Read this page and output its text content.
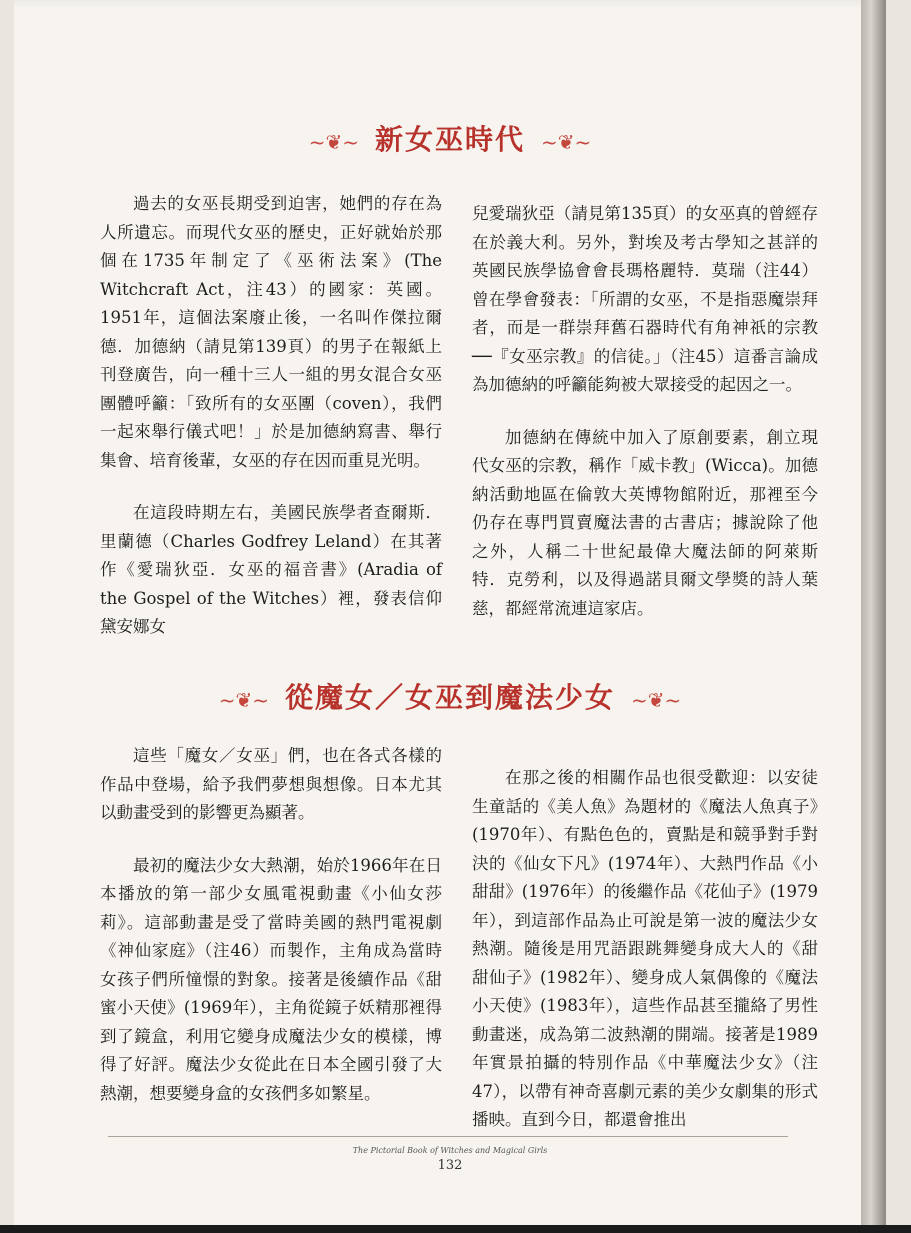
~❦~ 新女巫時代 ~❦~

過去的女巫長期受到迫害，她們的存在為人所遺忘。而現代女巫的歷史，正好就始於那個在1735年制定了《巫術法案》(The Witchcraft Act，注43）的國家：英國。1951年，這個法案廢止後，一名叫作傑拉爾德．加德納（請見第139頁）的男子在報紙上刊登廣告，向一種十三人一組的男女混合女巫團體呼籲：「致所有的女巫團（coven），我們一起來舉行儀式吧！」於是加德納寫書、舉行集會、培育後輩，女巫的存在因而重見光明。

在這段時期左右，美國民族學者查爾斯．里蘭德（Charles Godfrey Leland）在其著作《愛瑞狄亞．女巫的福音書》(Aradia of the Gospel of the Witches）裡，發表信仰黛安娜女

兒愛瑞狄亞（請見第135頁）的女巫真的曾經存在於義大利。另外，對埃及考古學知之甚詳的英國民族學協會會長瑪格麗特．莫瑞（注44）曾在學會發表：「所謂的女巫，不是指惡魔崇拜者，而是一群崇拜舊石器時代有角神祇的宗教──『女巫宗教』的信徒。」（注45）這番言論成為加德納的呼籲能夠被大眾接受的起因之一。

加德納在傳統中加入了原創要素，創立現代女巫的宗教，稱作「威卡教」(Wicca)。加德納活動地區在倫敦大英博物館附近，那裡至今仍存在專門買賣魔法書的古書店；據說除了他之外，人稱二十世紀最偉大魔法師的阿萊斯特．克勞利，以及得過諾貝爾文學獎的詩人葉慈，都經常流連這家店。

~❦~ 從魔女／女巫到魔法少女 ~❦~

這些「魔女／女巫」們，也在各式各樣的作品中登場，給予我們夢想與想像。日本尤其以動畫受到的影響更為顯著。

最初的魔法少女大熱潮，始於1966年在日本播放的第一部少女風電視動畫《小仙女莎莉》。這部動畫是受了當時美國的熱門電視劇《神仙家庭》（注46）而製作，主角成為當時女孩子們所憧憬的對象。接著是後續作品《甜蜜小天使》(1969年），主角從鏡子妖精那裡得到了鏡盒，利用它變身成魔法少女的模樣，博得了好評。魔法少女從此在日本全國引發了大熱潮，想要變身盒的女孩們多如繁星。

在那之後的相關作品也很受歡迎：以安徒生童話的《美人魚》為題材的《魔法人魚真子》(1970年）、有點色色的，賣點是和競爭對手對決的《仙女下凡》(1974年）、大熱門作品《小甜甜》(1976年）的後繼作品《花仙子》(1979年），到這部作品為止可說是第一波的魔法少女熱潮。隨後是用咒語跟跳舞變身成大人的《甜甜仙子》(1982年）、變身成人氣偶像的《魔法小天使》(1983年），這些作品甚至攏絡了男性動畫迷，成為第二波熱潮的開端。接著是1989年實景拍攝的特別作品《中華魔法少女》（注47），以帶有神奇喜劇元素的美少女劇集的形式播映。直到今日，都還會推出

The Pictorial Book of Witches and Magical Girls
132
